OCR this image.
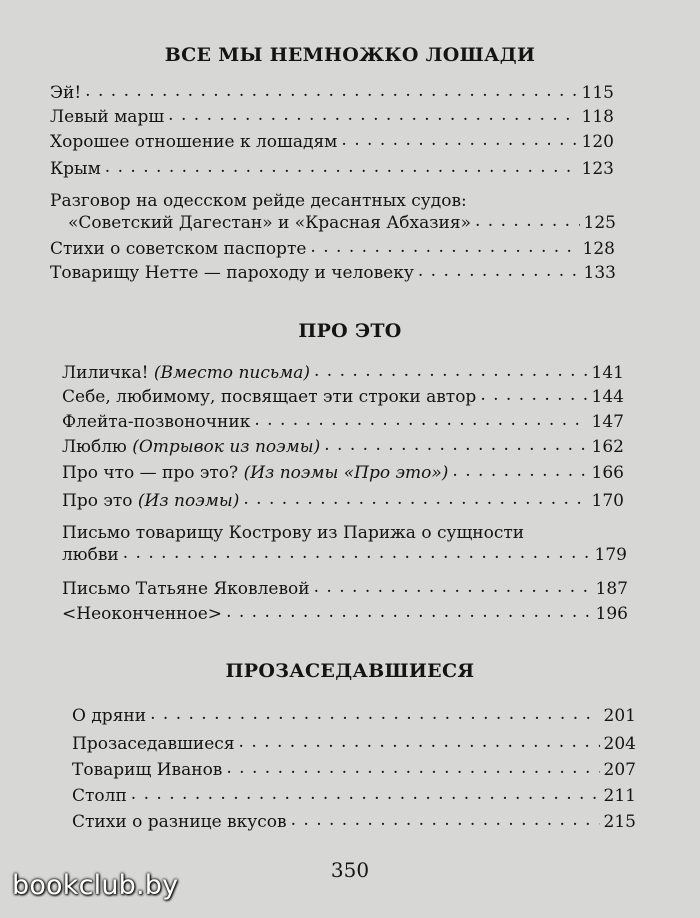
ВСЕ МЫ НЕМНОЖКО ЛОШАДИ
Эй! . . .	115
Левый марш . . .	118
Хорошее отношение к лошадям . . .	120
Крым . . .	123
Разговор на одесском рейде десантных судов:
«Советский Дагестан» и «Красная Абхазия» . . .	125
Стихи о советском паспорте . . .	128
Товарищу Нетте — пароходу и человеку . . .	133
ПРО ЭТО
Лиличка! (Вместо письма) . . .	141
Себе, любимому, посвящает эти строки автор . . .	144
Флейта-позвоночник . . .	147
Люблю (Отрывок из поэмы) . . .	162
Про что — про это? (Из поэмы «Про это») . . .	166
Про это (Из поэмы) . . .	170
Письмо товарищу Кострову из Парижа о сущности
любви . . .	179
Письмо Татьяне Яковлевой . . .	187
<Неоконченное> . . .	196
ПРОЗАСЕДАВШИЕСЯ
О дряни . . .	201
Прозаседавшиеся . . .	204
Товарищ Иванов . . .	207
Столп . . .	211
Стихи о разнице вкусов . . .	215
350
bookclub.by
